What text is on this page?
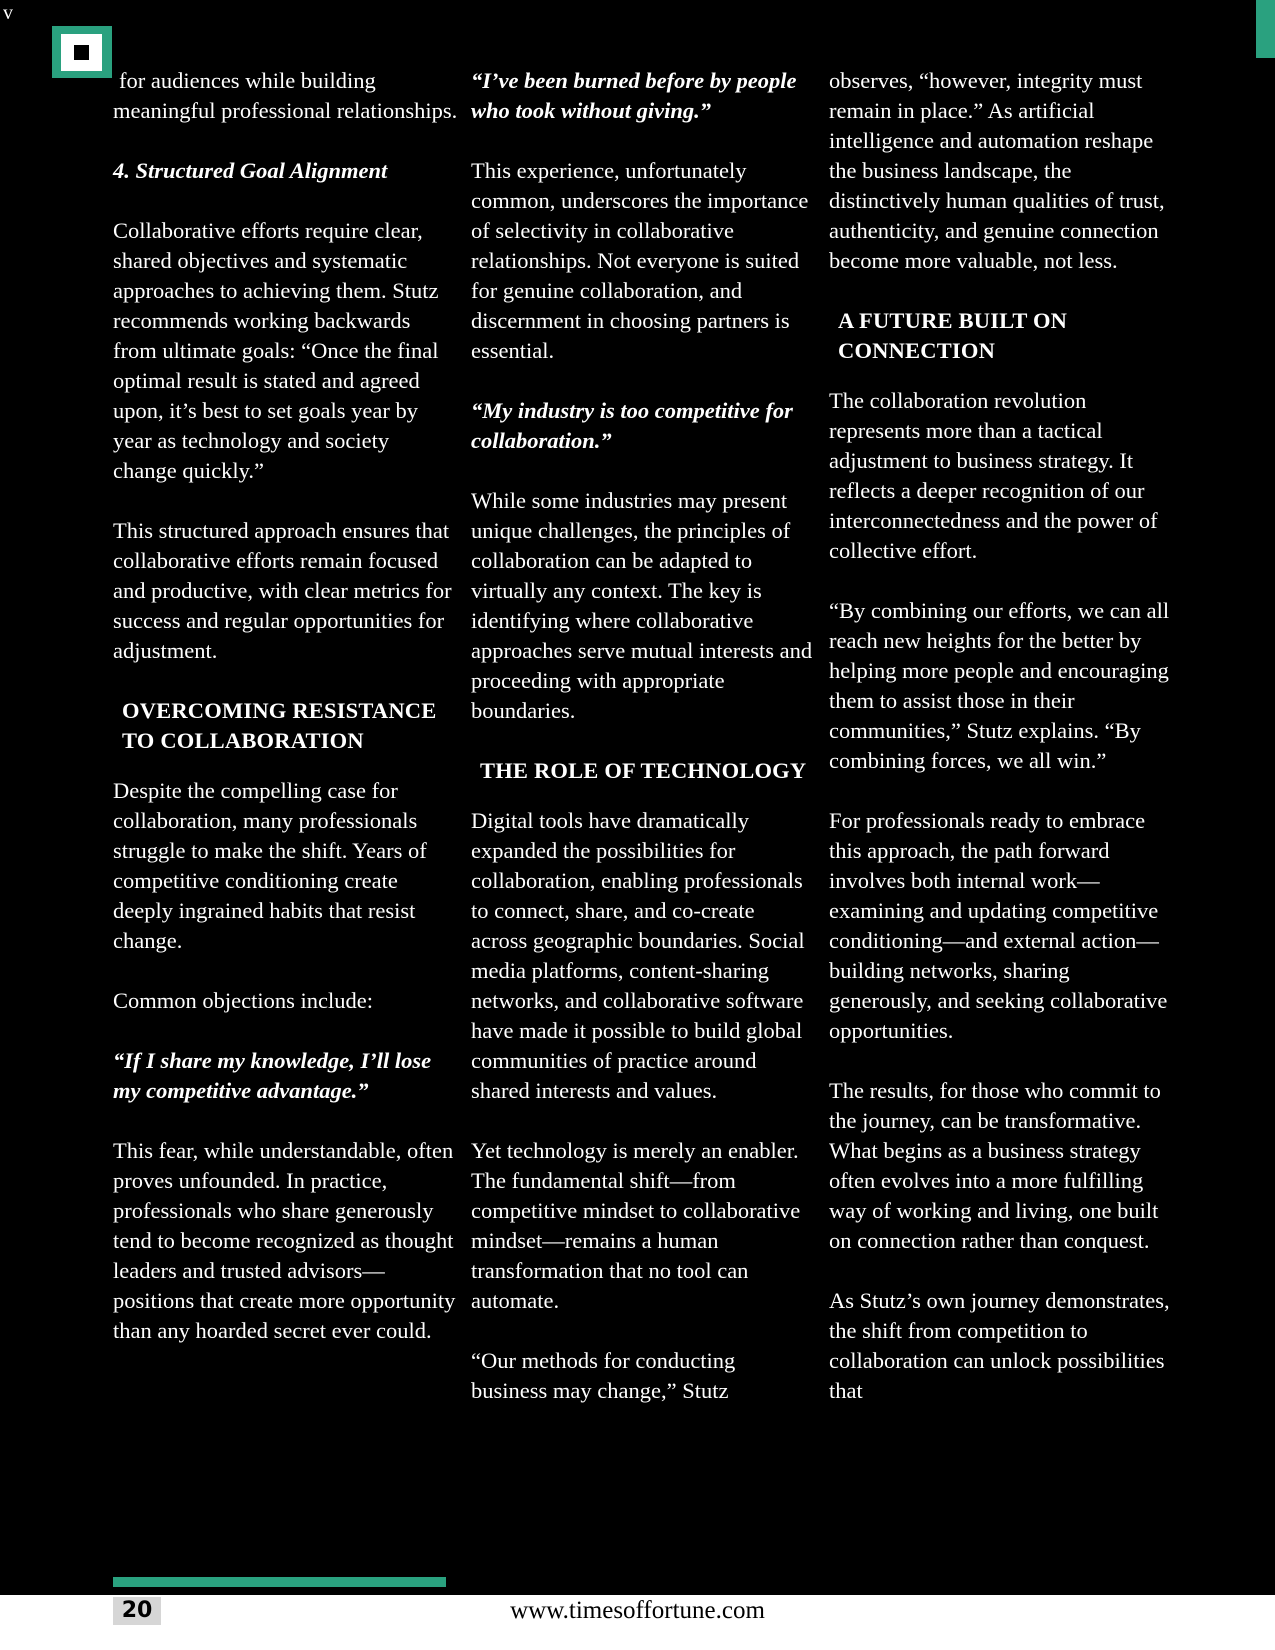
v

for audiences while building meaningful professional relationships.

4. Structured Goal Alignment

Collaborative efforts require clear, shared objectives and systematic approaches to achieving them. Stutz recommends working backwards from ultimate goals: “Once the final optimal result is stated and agreed upon, it’s best to set goals year by year as technology and society change quickly.”

This structured approach ensures that collaborative efforts remain focused and productive, with clear metrics for success and regular opportunities for adjustment.

OVERCOMING RESISTANCE TO COLLABORATION

Despite the compelling case for collaboration, many professionals struggle to make the shift. Years of competitive conditioning create deeply ingrained habits that resist change.

Common objections include:

“If I share my knowledge, I’ll lose my competitive advantage.”

This fear, while understandable, often proves unfounded. In practice, professionals who share generously tend to become recognized as thought leaders and trusted advisors—positions that create more opportunity than any hoarded secret ever could.

“I’ve been burned before by people who took without giving.”

This experience, unfortunately common, underscores the importance of selectivity in collaborative relationships. Not everyone is suited for genuine collaboration, and discernment in choosing partners is essential.

“My industry is too competitive for collaboration.”

While some industries may present unique challenges, the principles of collaboration can be adapted to virtually any context. The key is identifying where collaborative approaches serve mutual interests and proceeding with appropriate boundaries.

THE ROLE OF TECHNOLOGY

Digital tools have dramatically expanded the possibilities for collaboration, enabling professionals to connect, share, and co-create across geographic boundaries. Social media platforms, content-sharing networks, and collaborative software have made it possible to build global communities of practice around shared interests and values.

Yet technology is merely an enabler. The fundamental shift—from competitive mindset to collaborative mindset—remains a human transformation that no tool can automate.

“Our methods for conducting business may change,” Stutz

observes, “however, integrity must remain in place.” As artificial intelligence and automation reshape the business landscape, the distinctively human qualities of trust, authenticity, and genuine connection become more valuable, not less.

A FUTURE BUILT ON CONNECTION

The collaboration revolution represents more than a tactical adjustment to business strategy. It reflects a deeper recognition of our interconnectedness and the power of collective effort.

“By combining our efforts, we can all reach new heights for the better by helping more people and encouraging them to assist those in their communities,” Stutz explains. “By combining forces, we all win.”

For professionals ready to embrace this approach, the path forward involves both internal work—examining and updating competitive conditioning—and external action—building networks, sharing generously, and seeking collaborative opportunities.

The results, for those who commit to the journey, can be transformative. What begins as a business strategy often evolves into a more fulfilling way of working and living, one built on connection rather than conquest.

As Stutz’s own journey demonstrates, the shift from competition to collaboration can unlock possibilities that

20	www.timesoffortune.com
